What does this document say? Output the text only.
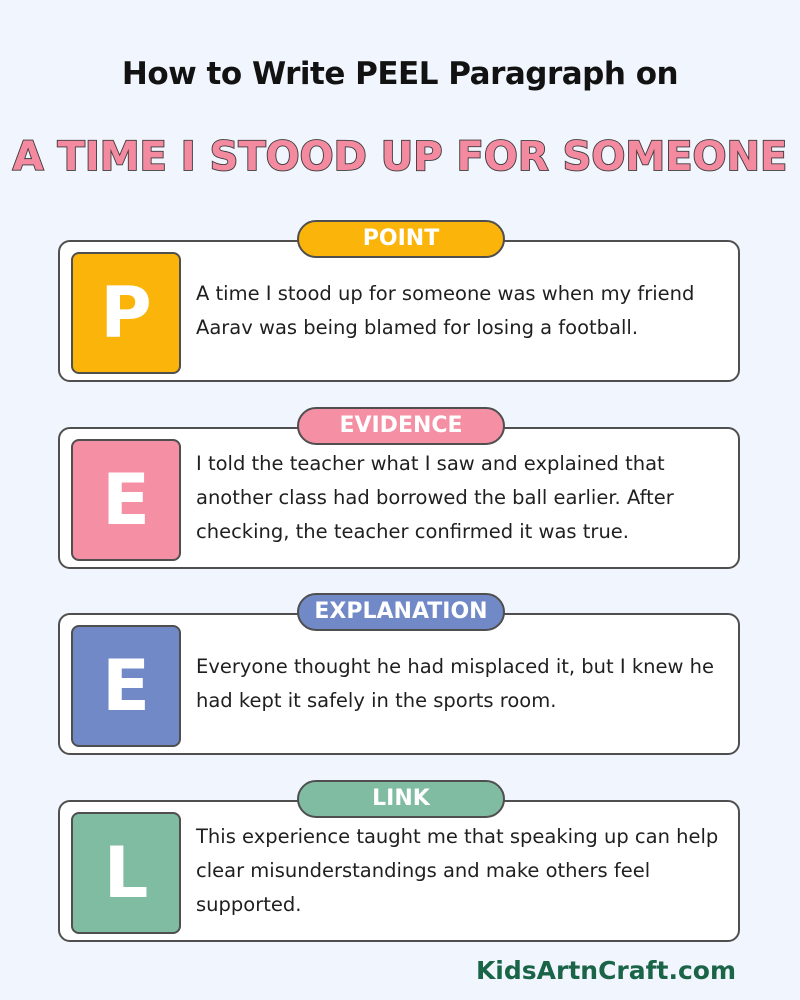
How to Write PEEL Paragraph on
A TIME I STOOD UP FOR SOMEONE
POINT
P	A time I stood up for someone was when my friend Aarav was being blamed for losing a football.

EVIDENCE
E	I told the teacher what I saw and explained that another class had borrowed the ball earlier. After checking, the teacher confirmed it was true.

EXPLANATION
E	Everyone thought he had misplaced it, but I knew he had kept it safely in the sports room.

LINK
L	This experience taught me that speaking up can help clear misunderstandings and make others feel supported.

KidsArtnCraft.com
